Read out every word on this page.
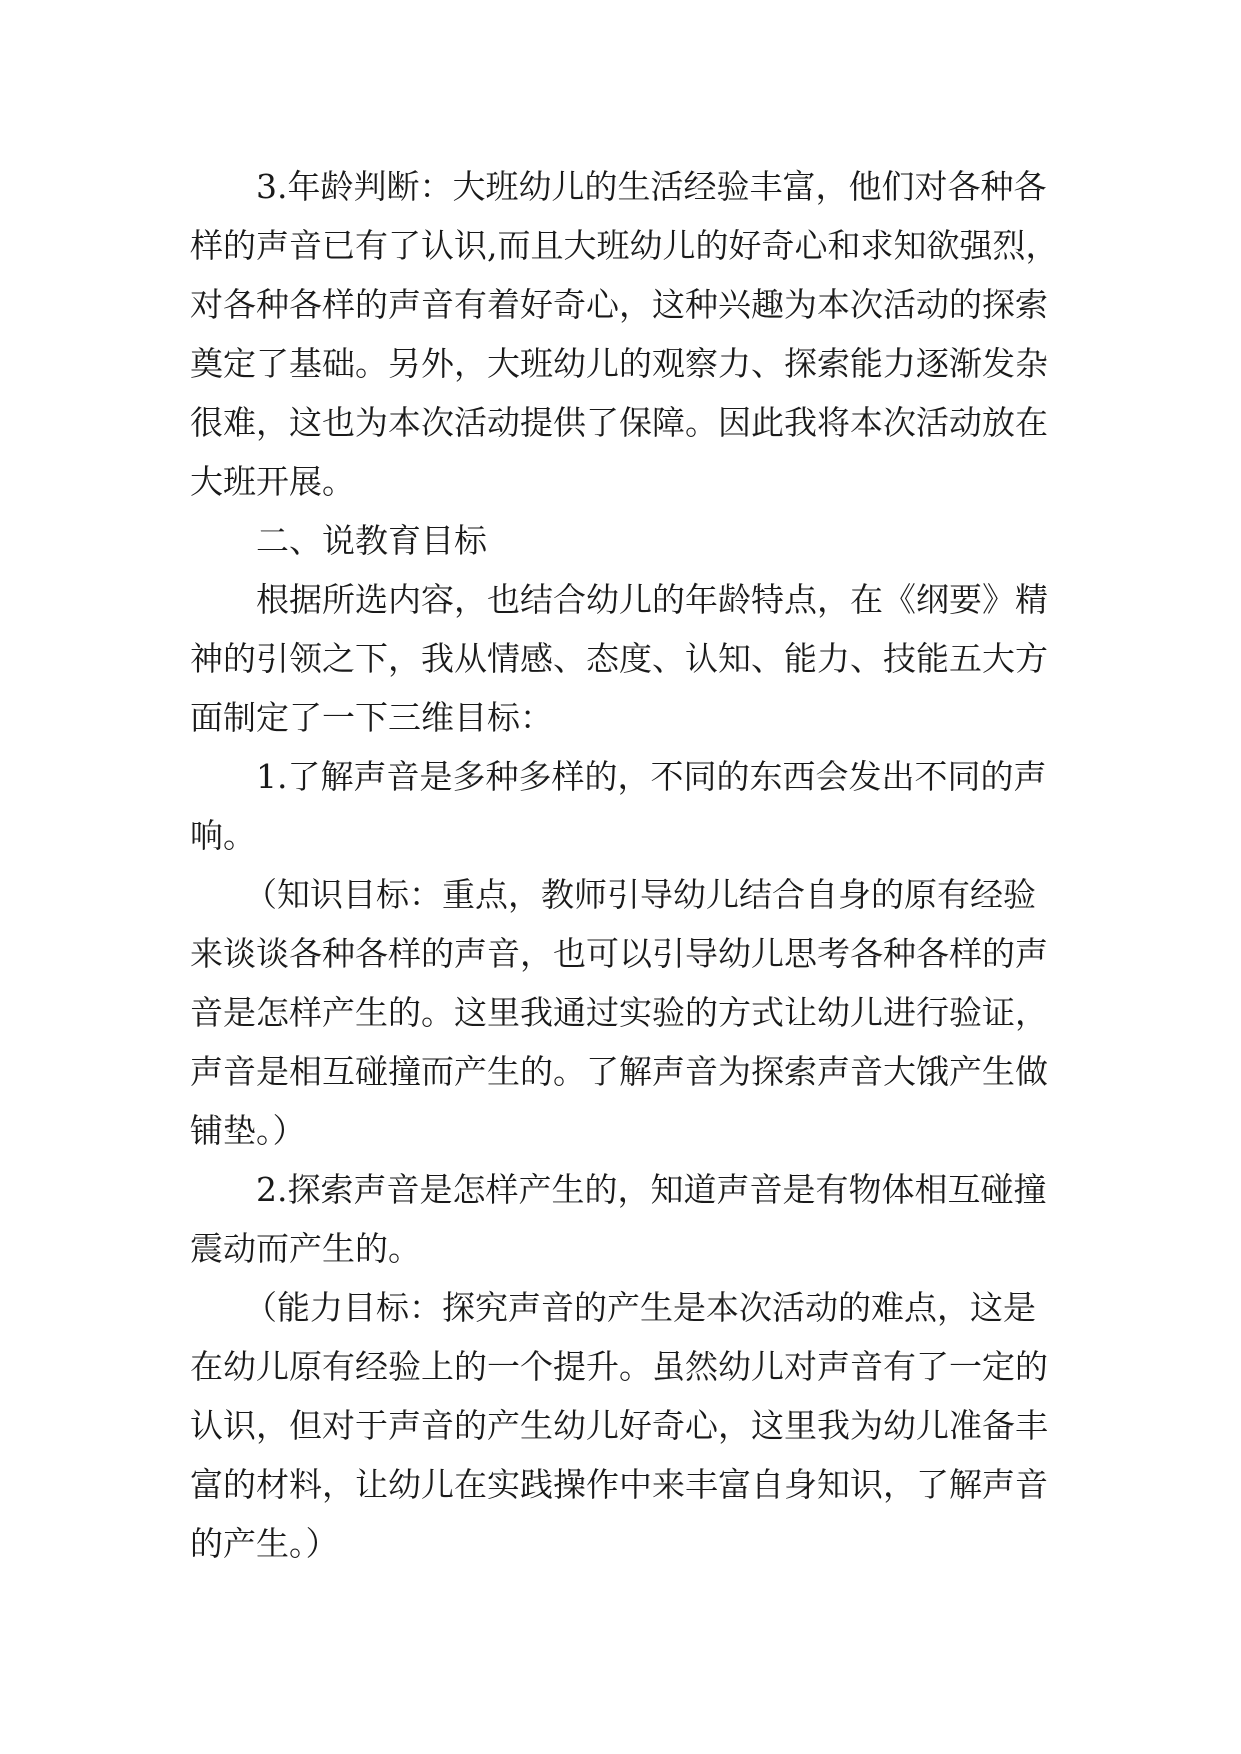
3.年龄判断：大班幼儿的生活经验丰富，他们对各种各
样的声音已有了认识,而且大班幼儿的好奇心和求知欲强烈，
对各种各样的声音有着好奇心，这种兴趣为本次活动的探索
奠定了基础。另外，大班幼儿的观察力、探索能力逐渐发杂
很难，这也为本次活动提供了保障。因此我将本次活动放在
大班开展。
二、说教育目标
根据所选内容，也结合幼儿的年龄特点，在《纲要》精
神的引领之下，我从情感、态度、认知、能力、技能五大方
面制定了一下三维目标：
1.了解声音是多种多样的，不同的东西会发出不同的声
响。
（知识目标：重点，教师引导幼儿结合自身的原有经验
来谈谈各种各样的声音，也可以引导幼儿思考各种各样的声
音是怎样产生的。这里我通过实验的方式让幼儿进行验证，
声音是相互碰撞而产生的。了解声音为探索声音大饿产生做
铺垫。）
2.探索声音是怎样产生的，知道声音是有物体相互碰撞
震动而产生的。
（能力目标：探究声音的产生是本次活动的难点，这是
在幼儿原有经验上的一个提升。虽然幼儿对声音有了一定的
认识，但对于声音的产生幼儿好奇心，这里我为幼儿准备丰
富的材料，让幼儿在实践操作中来丰富自身知识，了解声音
的产生。）
